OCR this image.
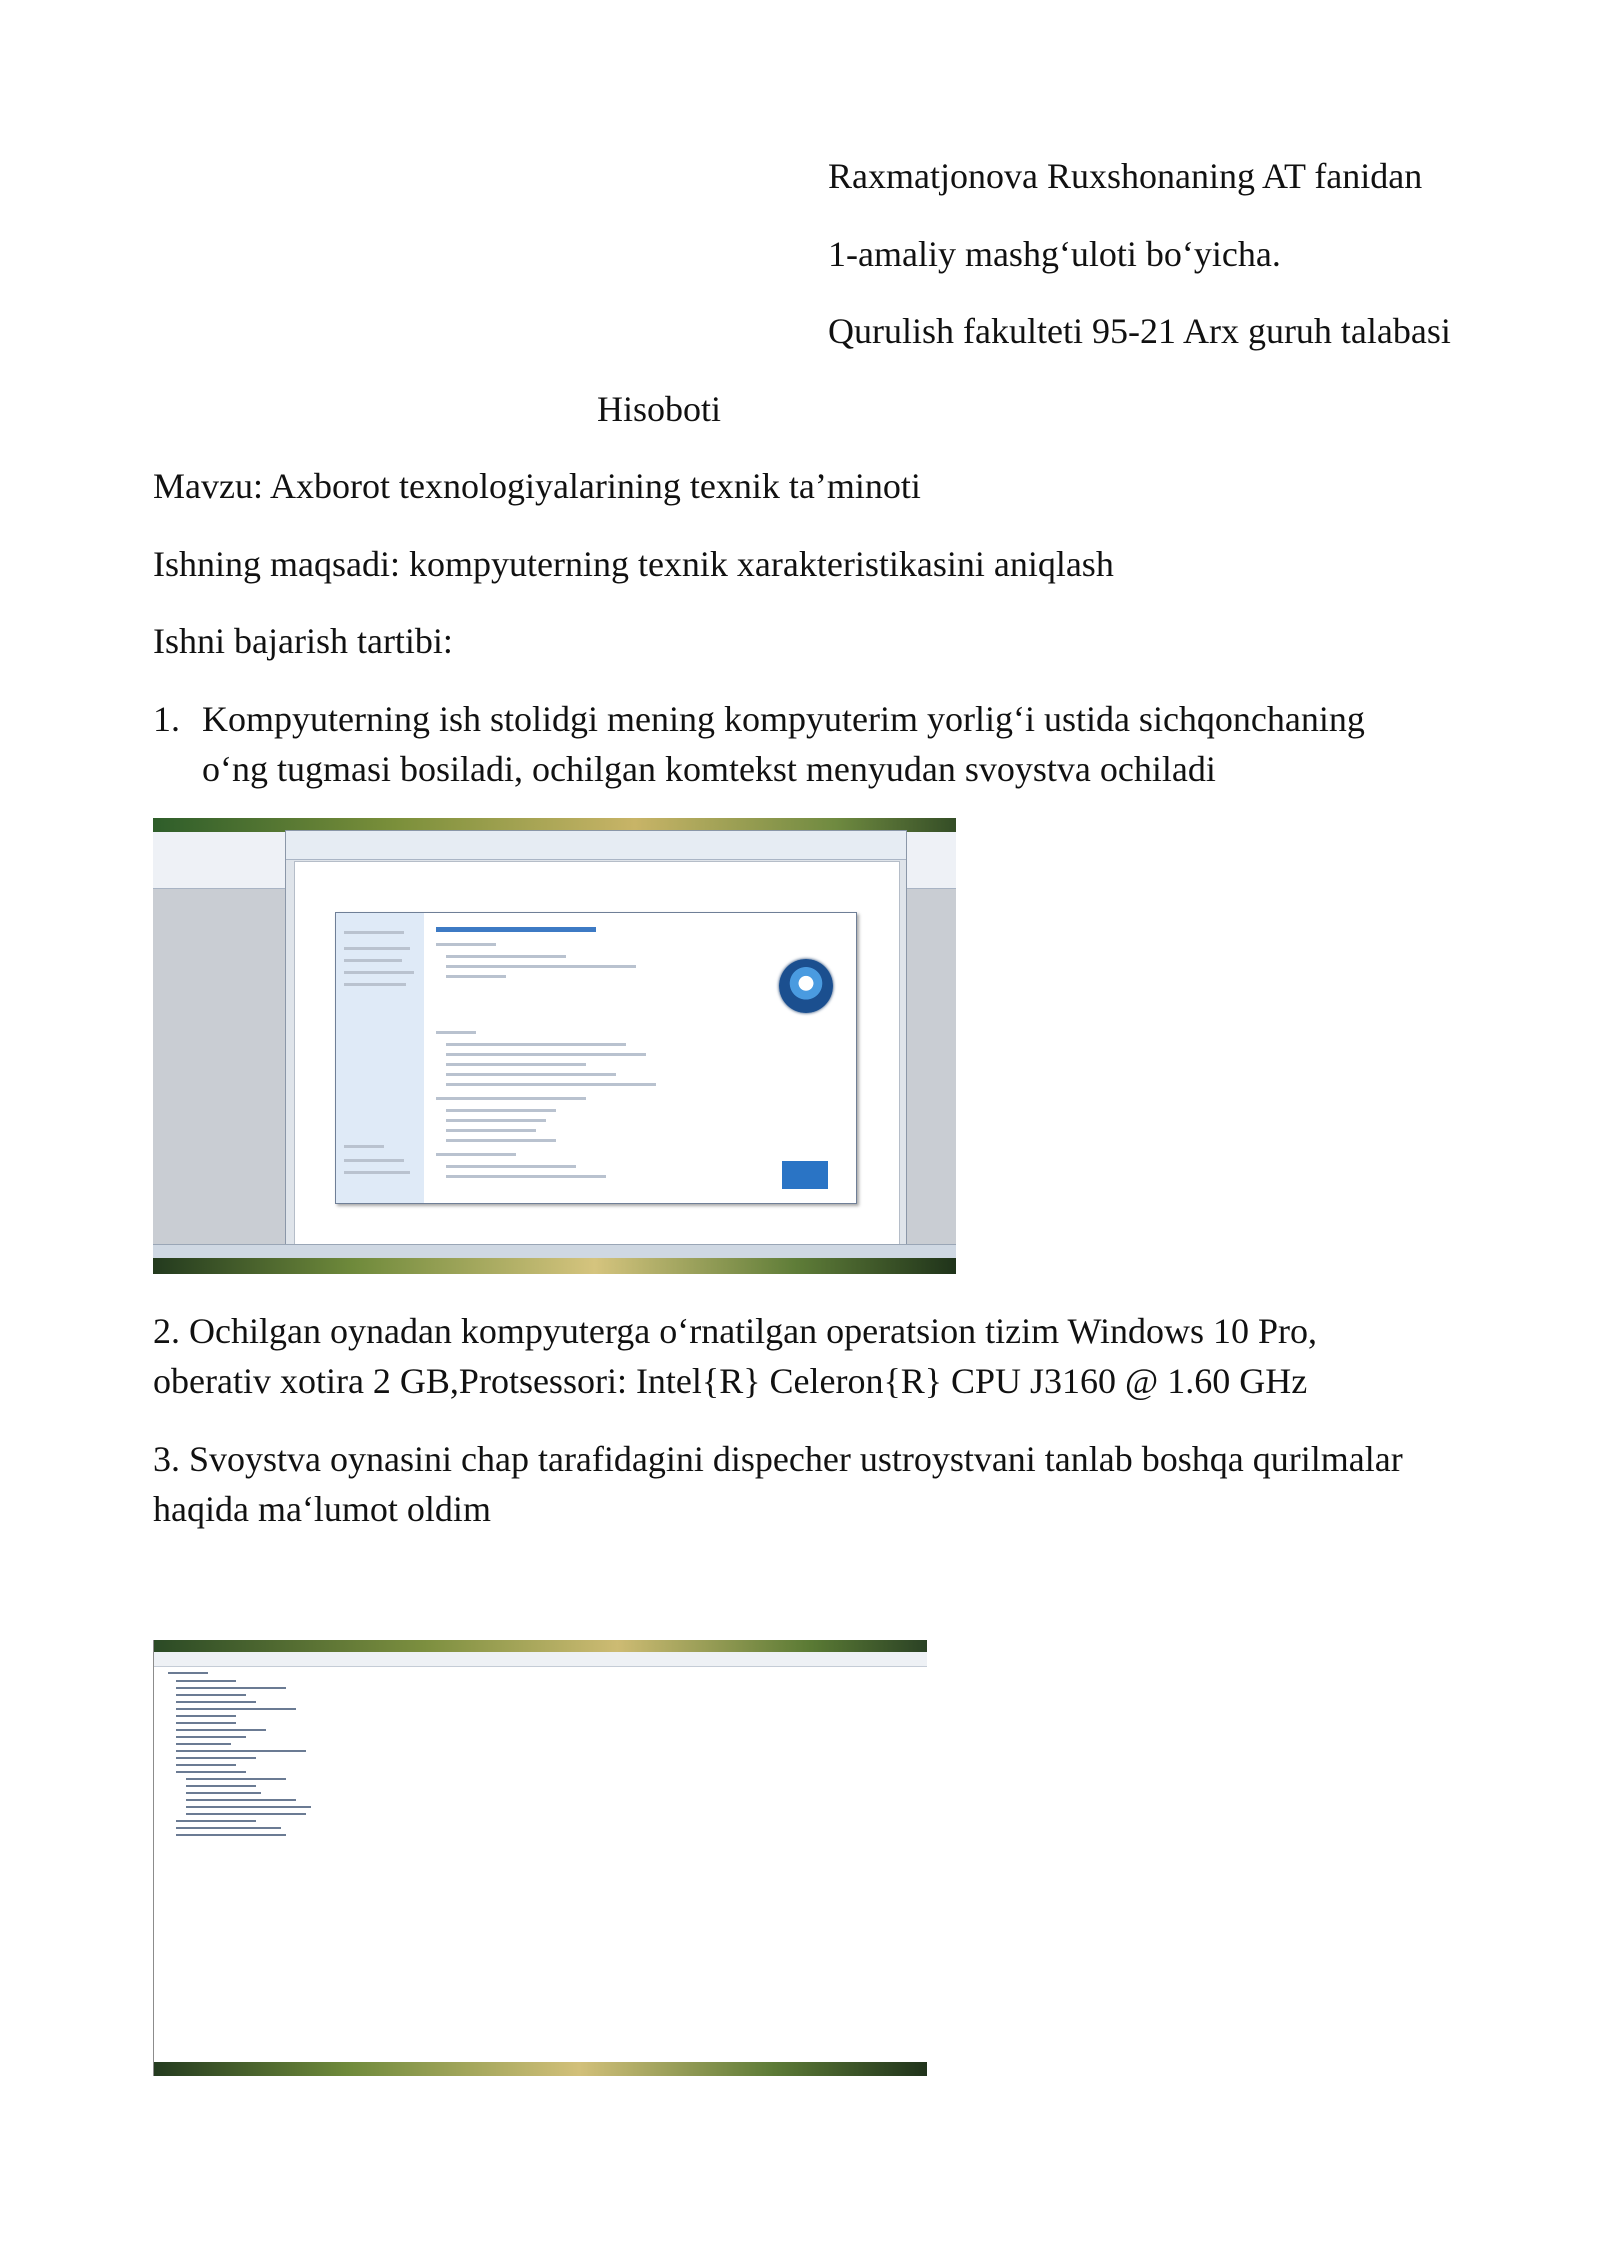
Raxmatjonova Ruxshonaning AT fanidan
1-amaliy mashg‘uloti bo‘yicha.
Qurulish fakulteti 95-21 Arx guruh talabasi
Hisoboti
Mavzu: Axborot texnologiyalarining texnik ta’minoti
Ishning maqsadi: kompyuterning texnik xarakteristikasini aniqlash
Ishni bajarish tartibi:
1. Kompyuterning ish stolidgi mening kompyuterim yorlig‘i ustida sichqonchaning
o‘ng tugmasi bosiladi, ochilgan komtekst menyudan svoystva ochiladi
2. Ochilgan oynadan kompyuterga o‘rnatilgan operatsion tizim Windows 10 Pro,
oberativ xotira 2 GB,Protsessori: Intel{R} Celeron{R} CPU J3160 @ 1.60 GHz
3. Svoystva oynasini chap tarafidagini dispecher ustroystvani tanlab boshqa qurilmalar
haqida ma‘lumot oldim
